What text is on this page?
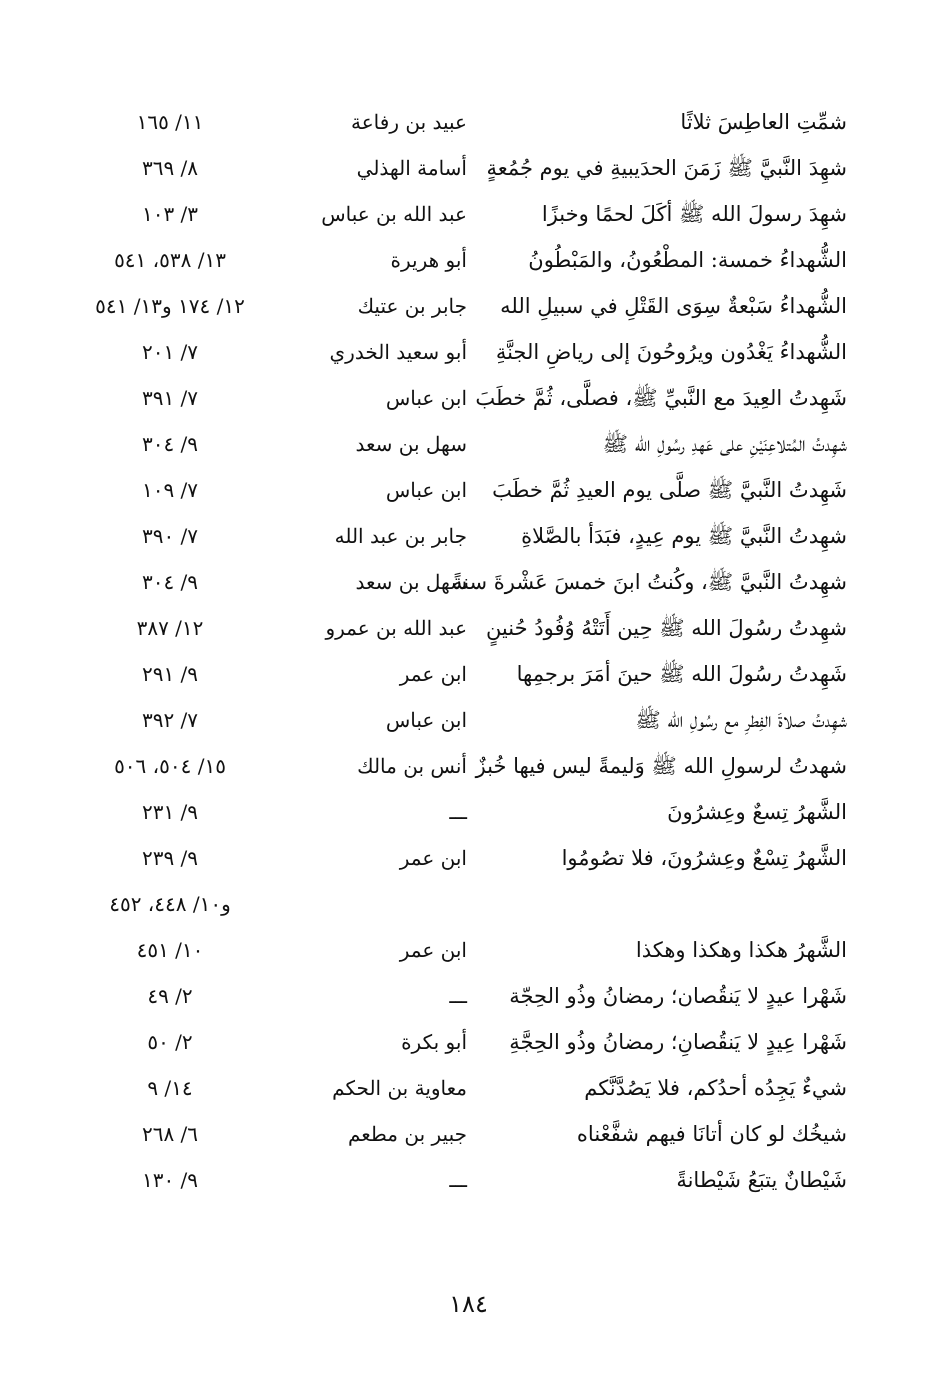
شمِّتِ العاطِسَ ثلاثًا
عبيد بن رفاعة
١١/ ١٦٥
شهِدَ النَّبيَّ ﷺ زَمَنَ الحدَيبيةِ في يوم جُمُعةٍ
أسامة الهذلي
٨/ ٣٦٩
شهِدَ رسولَ الله ﷺ أكَلَ لحمًا وخبزًا
عبد الله بن عباس
٣/ ١٠٣
الشُّهداءُ خمسة: المطْعُونُ، والمَبْطُونُ
أبو هريرة
١٣/ ٥٣٨، ٥٤١
الشُّهداءُ سَبْعةٌ سِوَى القَتْلِ في سبيلِ الله
جابر بن عتيك
١٢/ ١٧٤ و١٣/ ٥٤١
الشُّهداءُ يَغْدُون ويرُوحُونَ إلى رياضِ الجنَّةِ
أبو سعيد الخدري
٧/ ٢٠١
شَهِدتُ العِيدَ مع النَّبيِّ ﷺ، فصلَّى، ثُمَّ خطَبَ
ابن عباس
٧/ ٣٩١
شهِدتُ المُتلاعِنَيْنِ على عَهدِ رسُولِ الله ﷺ
سهل بن سعد
٩/ ٣٠٤
شَهِدتُ النَّبيَّ ﷺ صلَّى يوم العيدِ ثُمَّ خطَبَ
ابن عباس
٧/ ١٠٩
شهِدتُ النَّبيَّ ﷺ يوم عِيدٍ، فبَدَأ بالصَّلاةِ
جابر بن عبد الله
٧/ ٣٩٠
شهِدتُ النَّبيَّ ﷺ، وكُنتُ ابنَ خمسَ عَشْرةَ سنةً
سهل بن سعد
٩/ ٣٠٤
شهِدتُ رسُولَ الله ﷺ حِين أَتَتْهُ وُفُودُ حُنينٍ
عبد الله بن عمرو
١٢/ ٣٨٧
شَهِدتُ رسُولَ الله ﷺ حينَ أمَرَ برجمِها
ابن عمر
٩/ ٢٩١
شهِدتُ صلاةَ الفِطرِ مع رسُولِ الله ﷺ
ابن عباس
٧/ ٣٩٢
شهدتُ لرسولِ الله ﷺ وَليمةً ليس فيها خُبزٌ
أنس بن مالك
١٥/ ٥٠٤، ٥٠٦
الشَّهرُ تِسعٌ وعِشرُونَ
ـــ
٩/ ٢٣١
الشَّهرُ تِسْعٌ وعِشرُونَ، فلا تصُومُوا
ابن عمر
٩/ ٢٣٩
و١٠/ ٤٤٨، ٤٥٢
الشَّهرُ هكذا وهكذا وهكذا
ابن عمر
١٠/ ٤٥١
شَهْرا عيدٍ لا يَنقُصان؛ رمضانُ وذُو الحِجّة
ـــ
٢/ ٤٩
شَهْرا عِيدٍ لا يَنقُصانِ؛ رمضانُ وذُو الحِجَّةِ
أبو بكرة
٢/ ٥٠
شيءٌ يَجِدُه أحدُكم، فلا يَصُدَّنَّكم
معاوية بن الحكم
١٤/ ٩
شيخُك لو كان أتانَا فيهم شفَّعْناه
جبير بن مطعم
٦/ ٢٦٨
شَيْطانٌ يتبَعُ شَيْطانةً
ـــ
٩/ ١٣٠
١٨٤
